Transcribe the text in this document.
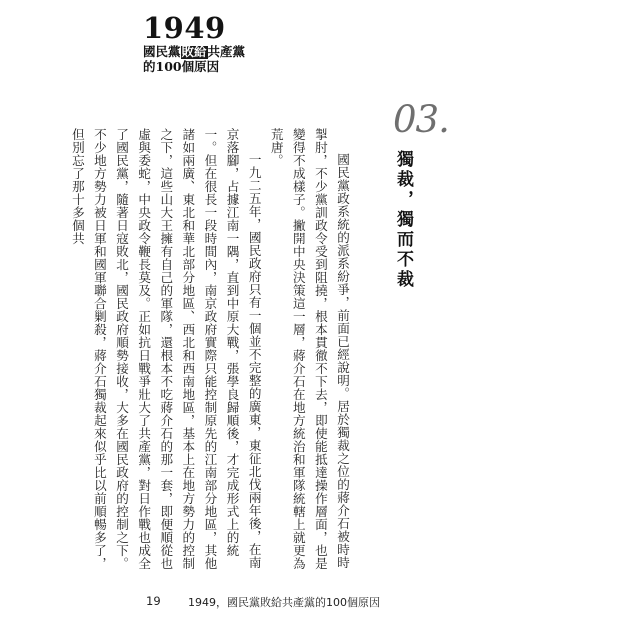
1949
國民黨 敗給 共產黨
的100個原因
03.
獨裁，獨而不裁

國民黨政系統的派系紛爭，前面已經說明。居於獨裁之位的蔣介石被時時掣肘，不少黨訓政令受到阻撓，根本貫徹不下去，即使能抵達操作層面，也是變得不成樣子。撇開中央決策這一層，蔣介石在地方統治和軍隊統轄上就更為荒唐。

一九二五年，國民政府只有一個並不完整的廣東，東征北伐兩年後，在南京落腳，占據江南一隅，直到中原大戰，張學良歸順後，才完成形式上的統一。但在很長一段時間內，南京政府實際只能控制原先的江南部分地區，其他諸如兩廣、東北和華北部分地區、西北和西南地區，基本上在地方勢力的控制之下，這些山大王擁有自己的軍隊，還根本不吃蔣介石的那一套，即便順從也虛與委蛇，中央政令鞭長莫及。正如抗日戰爭壯大了共產黨，對日作戰也成全了國民黨，隨著日寇敗北，國民政府順勢接收，大多在國民政府的控制之下。不少地方勢力被日軍和國軍聯合剿殺，蔣介石獨裁起來似乎比以前順暢多了，但別忘了那十多個共

19 1949，國民黨敗給共產黨的100個原因
